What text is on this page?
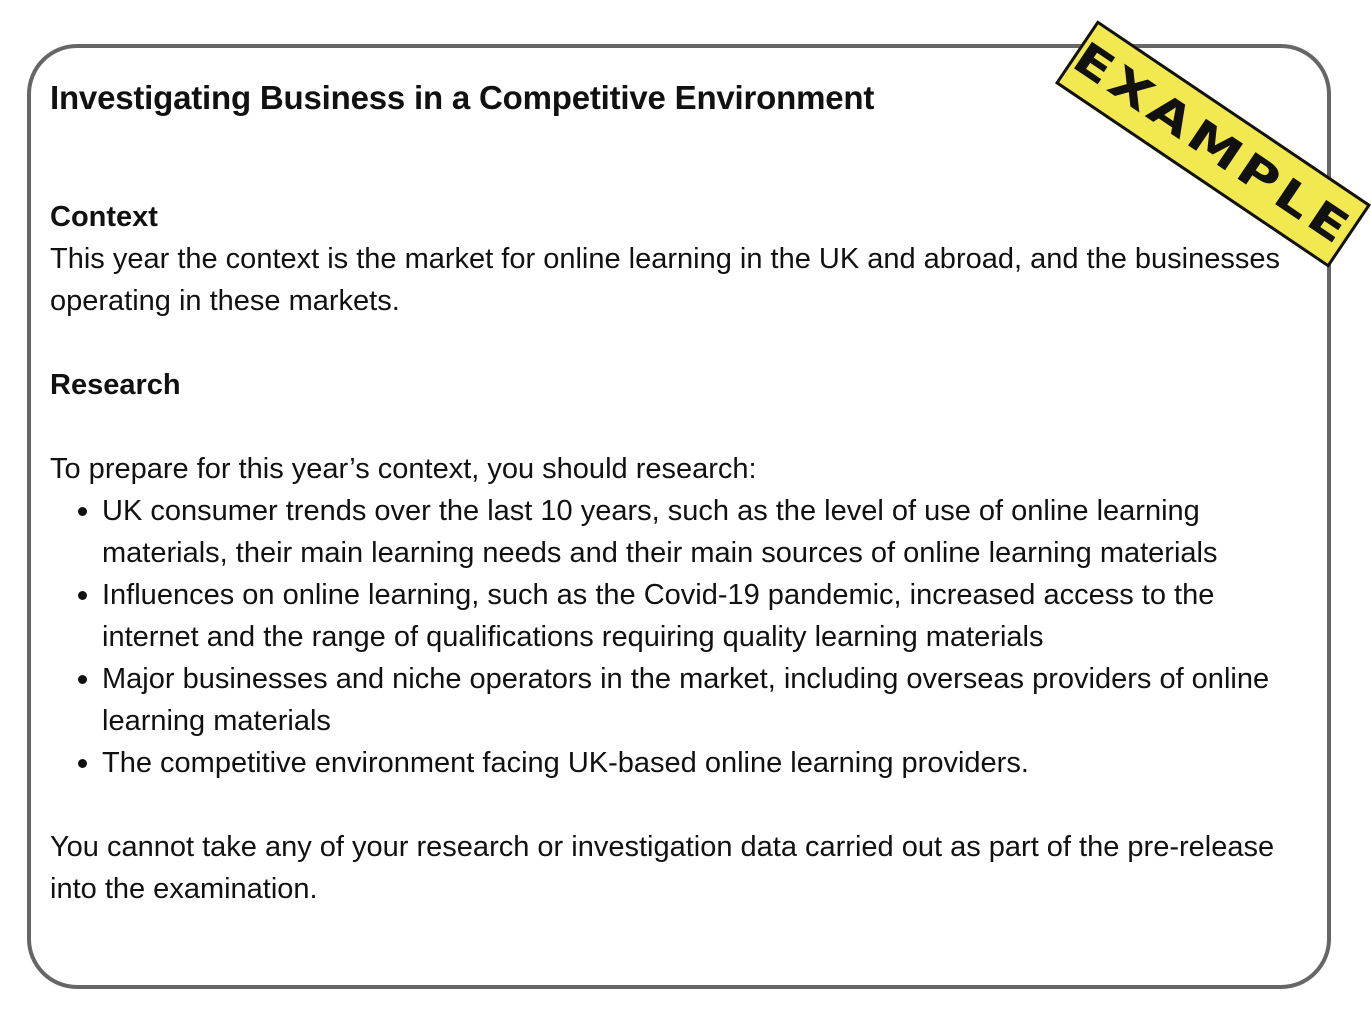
Investigating Business in a Competitive Environment
Context

This year the context is the market for online learning in the UK and abroad, and the businesses operating in these markets.

Research

To prepare for this year’s context, you should research:

UK consumer trends over the last 10 years, such as the level of use of online learning materials, their main learning needs and their main sources of online learning materials
Influences on online learning, such as the Covid-19 pandemic, increased access to the internet and the range of qualifications requiring quality learning materials
Major businesses and niche operators in the market, including overseas providers of online learning materials
The competitive environment facing UK-based online learning providers.

You cannot take any of your research or investigation data carried out as part of the pre-release into the examination.

EXAMPLE
